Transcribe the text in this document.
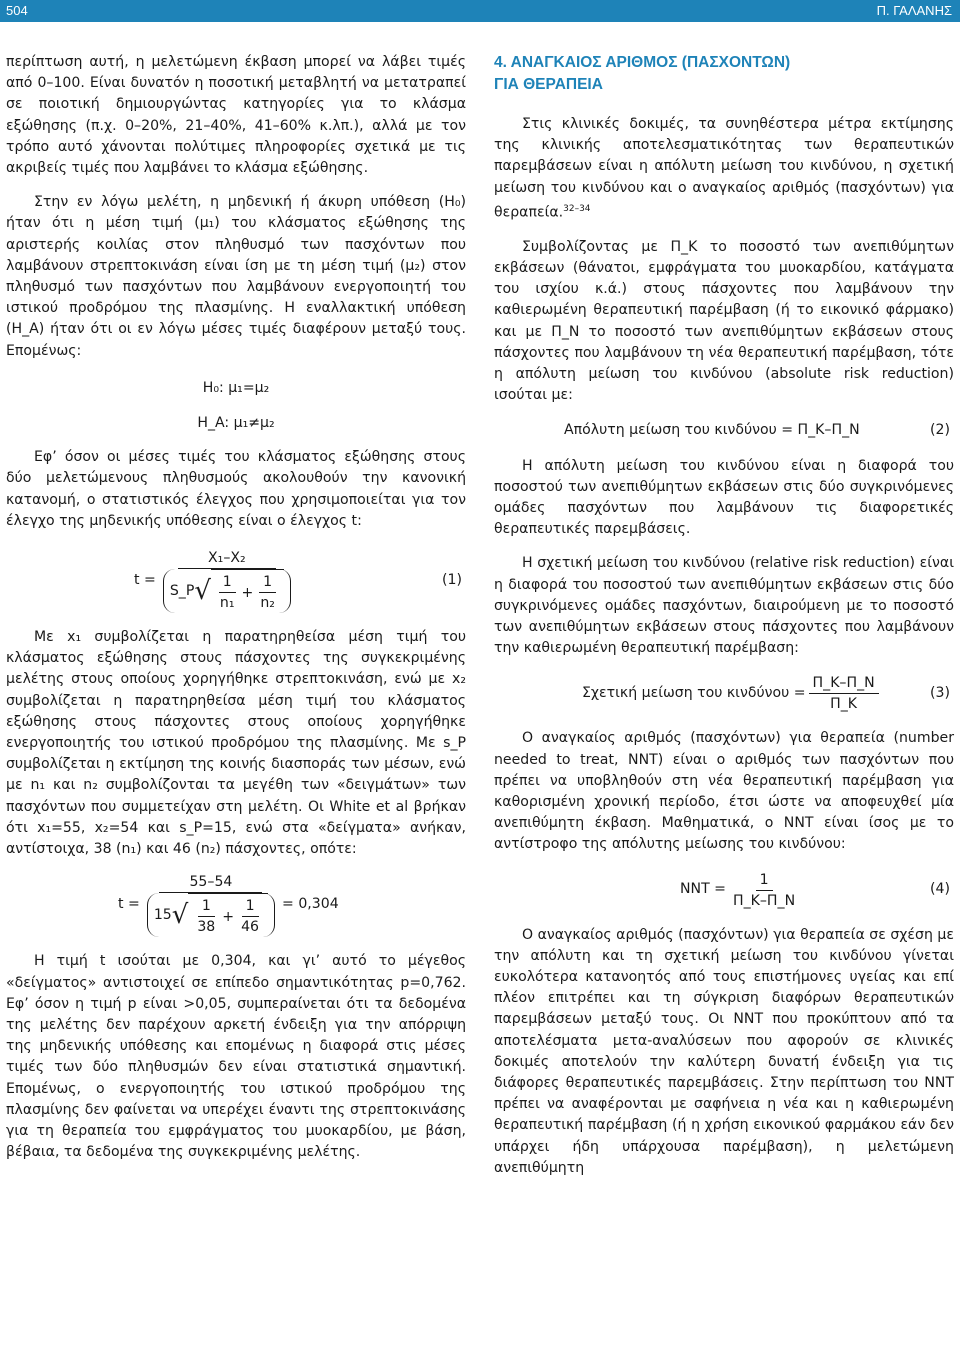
504	Π. ΓΑΛΑΝΗΣ

περίπτωση αυτή, η μελετώμενη έκβαση μπορεί να λάβει τιμές από 0–100. Είναι δυνατόν η ποσοτική μεταβλητή να μετατραπεί σε ποιοτική δημιουργώντας κατηγορίες για το κλάσμα εξώθησης (π.χ. 0–20%, 21–40%, 41–60% κ.λπ.), αλλά με τον τρόπο αυτό χάνονται πολύτιμες πληροφορίες σχετικά με τις ακριβείς τιμές που λαμβάνει το κλάσμα εξώθησης.

Στην εν λόγω μελέτη, η μηδενική ή άκυρη υπόθεση (H₀) ήταν ότι η μέση τιμή (μ₁) του κλάσματος εξώθησης της αριστερής κοιλίας στον πληθυσμό των πασχόντων που λαμβάνουν στρεπτοκινάση είναι ίση με τη μέση τιμή (μ₂) στον πληθυσμό των πασχόντων που λαμβάνουν ενεργοποιητή του ιστικού προδρόμου της πλασμίνης. Η εναλλακτική υπόθεση (H_A) ήταν ότι οι εν λόγω μέσες τιμές διαφέρουν μεταξύ τους. Επομένως:

H₀: μ₁=μ₂
H_A: μ₁≠μ₂

Εφ’ όσον οι μέσες τιμές του κλάσματος εξώθησης στους δύο μελετώμενους πληθυσμούς ακολουθούν την κανονική κατανομή, ο στατιστικός έλεγχος που χρησιμοποιείται για τον έλεγχο της μηδενικής υπόθεσης είναι ο έλεγχος t:

t =
X₁–X₂
S_P √ $\frac{1}{\text{n₁}} + \frac{1}{\text{n₂}}$	(1)

Με x₁ συμβολίζεται η παρατηρηθείσα μέση τιμή του κλάσματος εξώθησης στους πάσχοντες της συγκεκριμένης μελέτης στους οποίους χορηγήθηκε στρεπτοκινάση, ενώ με x₂ συμβολίζεται η παρατηρηθείσα μέση τιμή του κλάσματος εξώθησης στους πάσχοντες στους οποίους χορηγήθηκε ενεργοποιητής του ιστικού προδρόμου της πλασμίνης. Με s_P συμβολίζεται η εκτίμηση της κοινής διασποράς των μέσων, ενώ με n₁ και n₂ συμβολίζονται τα μεγέθη των «δειγμάτων» των πασχόντων που συμμετείχαν στη μελέτη. Οι White et al βρήκαν ότι x₁=55, x₂=54 και s_P=15, ενώ στα «δείγματα» ανήκαν, αντίστοιχα, 38 (n₁) και 46 (n₂) πάσχοντες, οπότε:

t =
55–54
15 √ $\frac{1}{38} + \frac{1}{46} = 0,304$

Η τιμή t ισούται με 0,304, και γι’ αυτό το μέγεθος «δείγματος» αντιστοιχεί σε επίπεδο σημαντικότητας p=0,762. Εφ’ όσον η τιμή p είναι >0,05, συμπεραίνεται ότι τα δεδομένα της μελέτης δεν παρέχουν αρκετή ένδειξη για την απόρριψη της μηδενικής υπόθεσης και επομένως η διαφορά στις μέσες τιμές των δύο πληθυσμών δεν είναι στατιστικά σημαντική. Επομένως, ο ενεργοποιητής του ιστικού προδρόμου της πλασμίνης δεν φαίνεται να υπερέχει έναντι της στρεπτοκινάσης για τη θεραπεία του εμφράγματος του μυοκαρδίου, με βάση, βέβαια, τα δεδομένα της συγκεκριμένης μελέτης.

4. ΑΝΑΓΚΑΙΟΣ ΑΡΙΘΜΟΣ (ΠΑΣΧΟΝΤΩΝ)
ΓΙΑ ΘΕΡΑΠΕΙΑ

Στις κλινικές δοκιμές, τα συνηθέστερα μέτρα εκτίμησης της κλινικής αποτελεσματικότητας των θεραπευτικών παρεμβάσεων είναι η απόλυτη μείωση του κινδύνου, η σχετική μείωση του κινδύνου και ο αναγκαίος αριθμός (πασχόντων) για θεραπεία.$^{32-34}$

Συμβολίζοντας με Π_K το ποσοστό των ανεπιθύμητων εκβάσεων (θάνατοι, εμφράγματα του μυοκαρδίου, κατάγματα του ισχίου κ.ά.) στους πάσχοντες που λαμβάνουν την καθιερωμένη θεραπευτική παρέμβαση (ή το εικονικό φάρμακο) και με Π_N το ποσοστό των ανεπιθύμητων εκβάσεων στους πάσχοντες που λαμβάνουν τη νέα θεραπευτική παρέμβαση, τότε η απόλυτη μείωση του κινδύνου (absolute risk reduction) ισούται με:

Απόλυτη μείωση του κινδύνου = Π_K–Π_N	(2)

Η απόλυτη μείωση του κινδύνου είναι η διαφορά του ποσοστού των ανεπιθύμητων εκβάσεων στις δύο συγκρινόμενες ομάδες πασχόντων που λαμβάνουν τις διαφορετικές θεραπευτικές παρεμβάσεις.

Η σχετική μείωση του κινδύνου (relative risk reduction) είναι η διαφορά του ποσοστού των ανεπιθύμητων εκβάσεων στις δύο συγκρινόμενες ομάδες πασχόντων, διαιρούμενη με το ποσοστό των ανεπιθύμητων εκβάσεων στους πάσχοντες που λαμβάνουν την καθιερωμένη θεραπευτική παρέμβαση:

Σχετική μείωση του $\kappa\iota\nu\delta ύ\nu o\upsilon = \frac{\Pi\_K-\Pi\_N}{\Pi\_K}$	(3)

Ο αναγκαίος αριθμός (πασχόντων) για θεραπεία (number needed to treat, NNT) είναι ο αριθμός των πασχόντων που πρέπει να υποβληθούν στη νέα θεραπευτική παρέμβαση για καθορισμένη χρονική περίοδο, έτσι ώστε να αποφευχθεί μία ανεπιθύμητη έκβαση. Μαθηματικά, ο NNT είναι ίσος με το αντίστροφο της απόλυτης μείωσης του κινδύνου:

NNT = $\frac{1}{\Pi\_K-\Pi\_N}$	(4)

Ο αναγκαίος αριθμός (πασχόντων) για θεραπεία σε σχέση με την απόλυτη και τη σχετική μείωση του κινδύνου γίνεται ευκολότερα κατανοητός από τους επιστήμονες υγείας και επί πλέον επιτρέπει και τη σύγκριση διαφόρων θεραπευτικών παρεμβάσεων μεταξύ τους. Οι NNT που προκύπτουν από τα αποτελέσματα μετα-αναλύσεων που αφορούν σε κλινικές δοκιμές αποτελούν την καλύτερη δυνατή ένδειξη για τις διάφορες θεραπευτικές παρεμβάσεις. Στην περίπτωση του NNT πρέπει να αναφέρονται με σαφήνεια η νέα και η καθιερωμένη θεραπευτική παρέμβαση (ή η χρήση εικονικού φαρμάκου εάν δεν υπάρχει ήδη υπάρχουσα παρέμβαση), η μελετώμενη ανεπιθύμητη
